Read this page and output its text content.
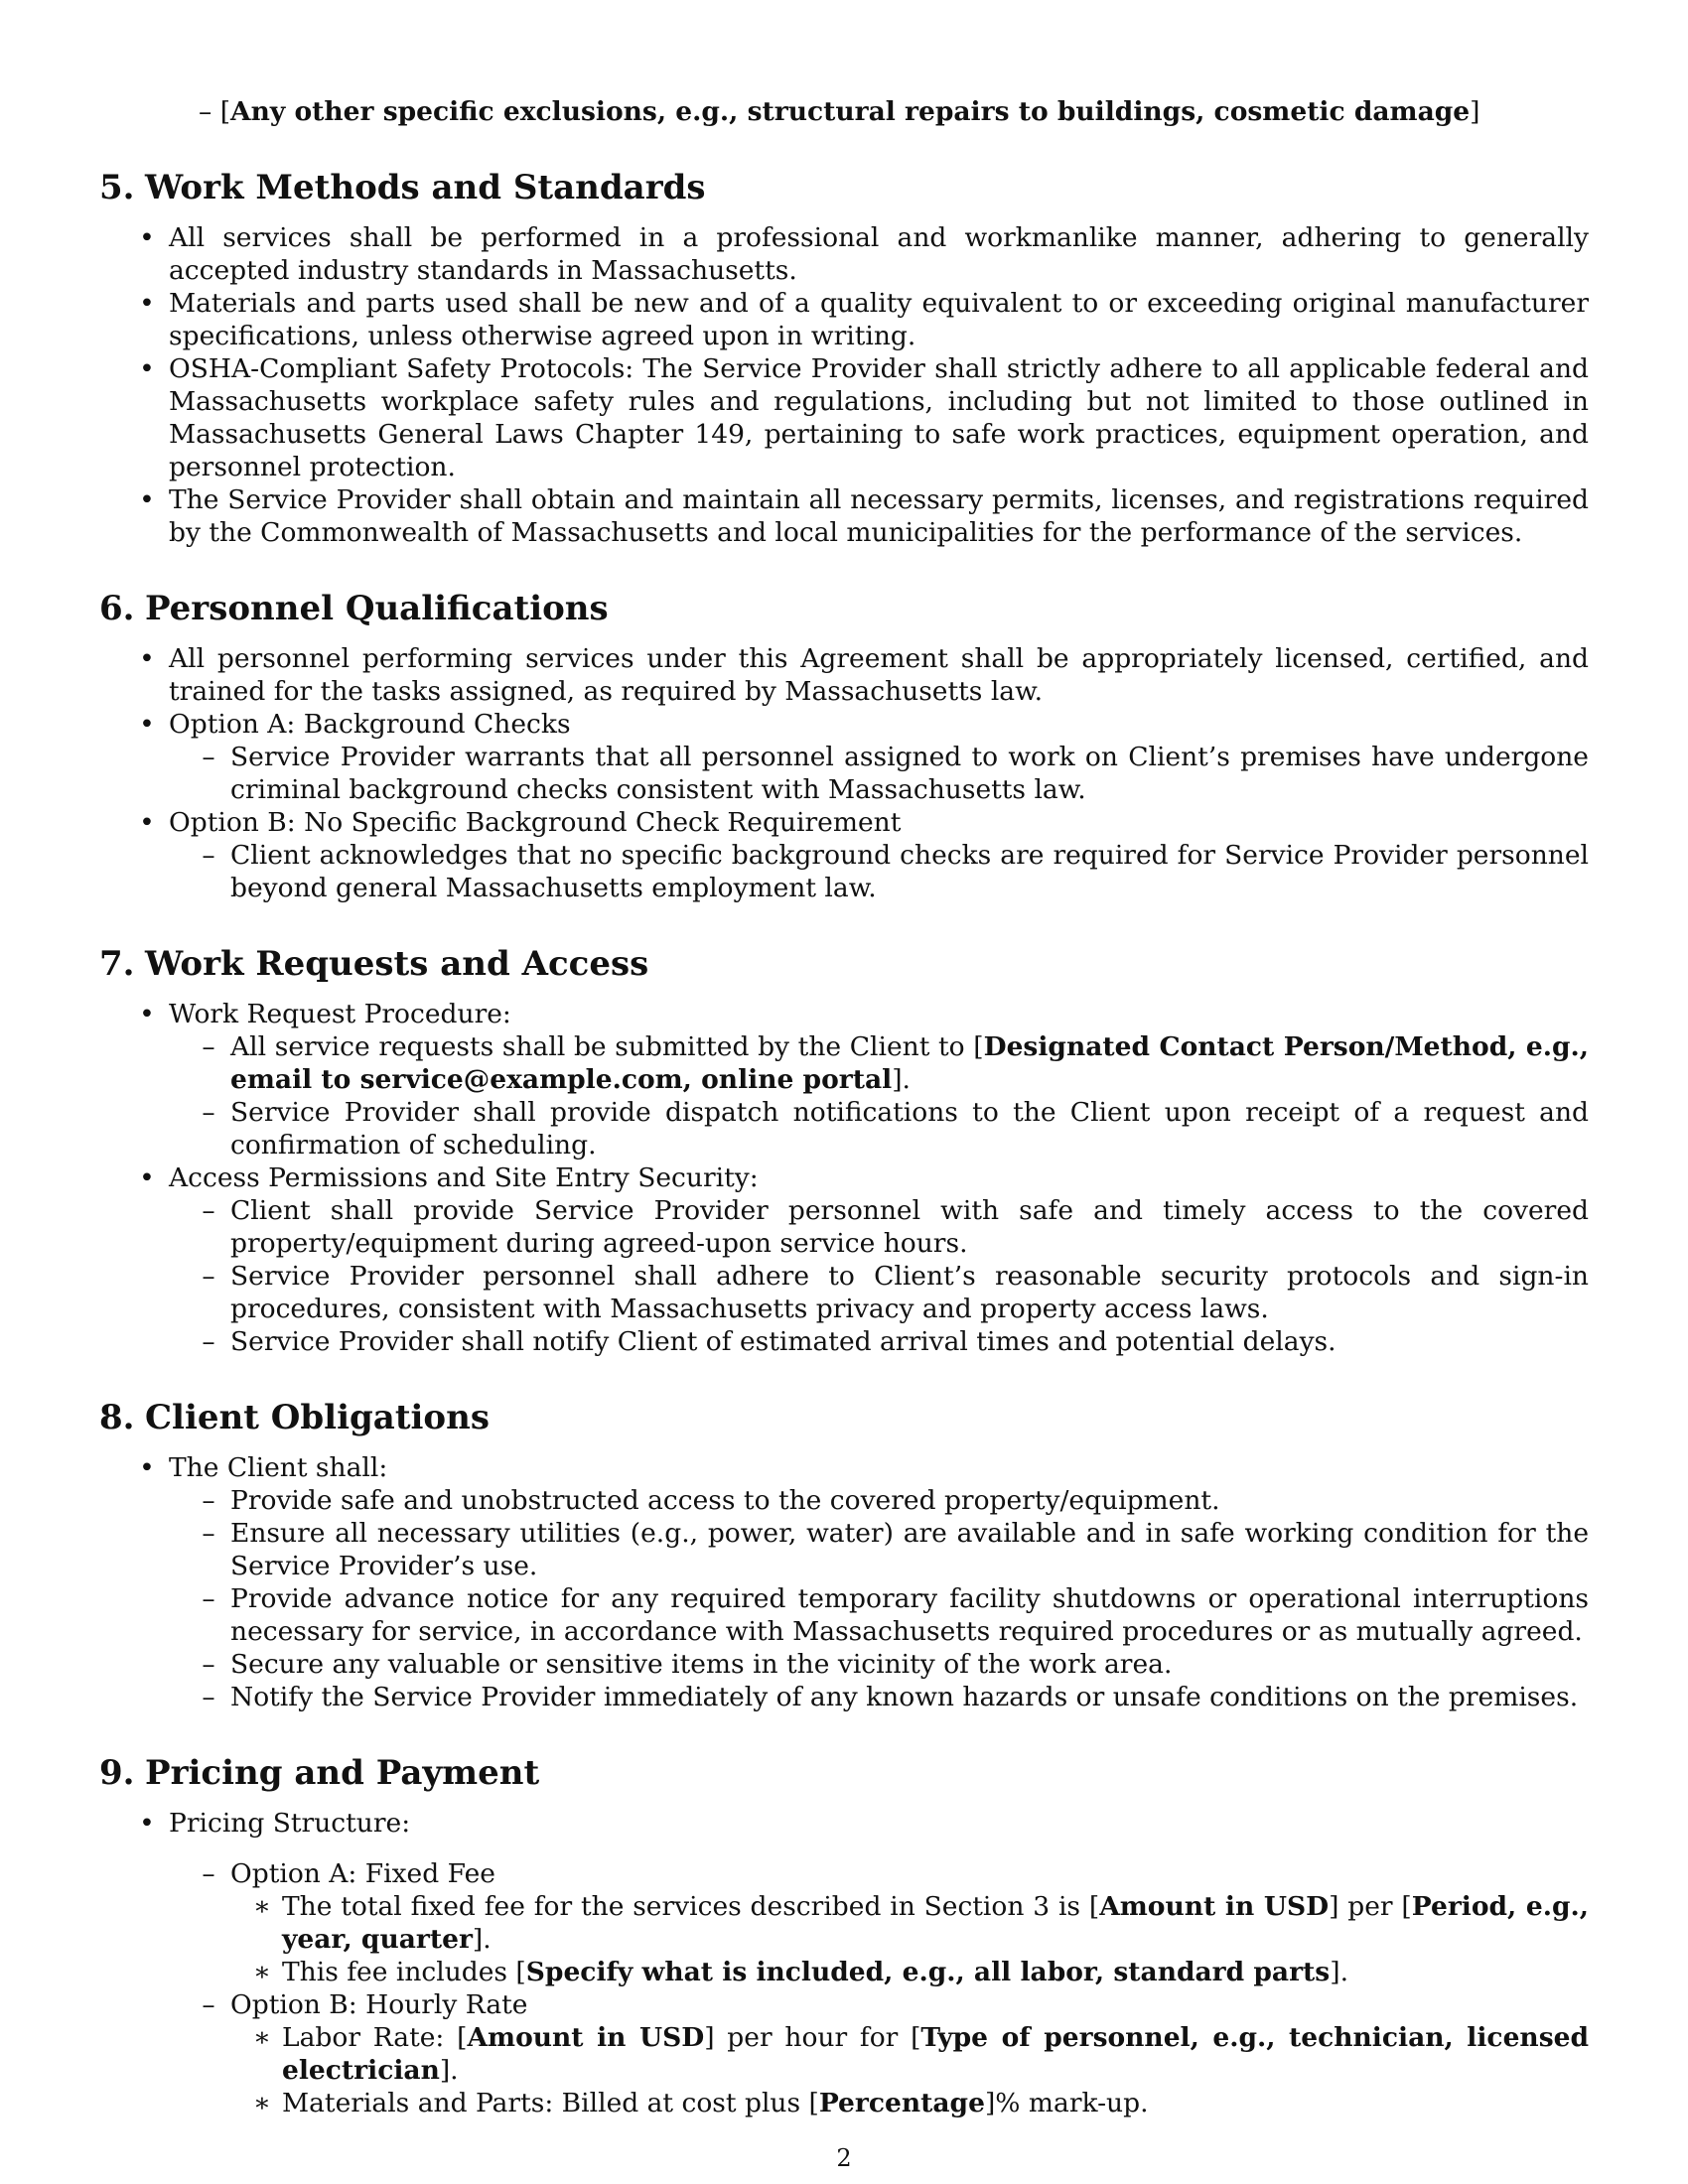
– [Any other specific exclusions, e.g., structural repairs to buildings, cosmetic damage]
5. Work Methods and Standards
• All services shall be performed in a professional and workmanlike manner, adhering to generally accepted industry standards in Massachusetts.

• Materials and parts used shall be new and of a quality equivalent to or exceeding original manufacturer specifications, unless otherwise agreed upon in writing.

• OSHA-Compliant Safety Protocols: The Service Provider shall strictly adhere to all applicable federal and Massachusetts workplace safety rules and regulations, including but not limited to those outlined in Massachusetts General Laws Chapter 149, pertaining to safe work practices, equipment operation, and personnel protection.

• The Service Provider shall obtain and maintain all necessary permits, licenses, and registrations required by the Commonwealth of Massachusetts and local municipalities for the performance of the services.

6. Personnel Qualifications
• All personnel performing services under this Agreement shall be appropriately licensed, certified, and trained for the tasks assigned, as required by Massachusetts law.

• Option A: Background Checks

– Service Provider warrants that all personnel assigned to work on Client’s premises have undergone criminal background checks consistent with Massachusetts law.

• Option B: No Specific Background Check Requirement

– Client acknowledges that no specific background checks are required for Service Provider personnel beyond general Massachusetts employment law.

7. Work Requests and Access
• Work Request Procedure:

– All service requests shall be submitted by the Client to [Designated Contact Person/Method, e.g., email to service@example.com, online portal].

– Service Provider shall provide dispatch notifications to the Client upon receipt of a request and confirmation of scheduling.

• Access Permissions and Site Entry Security:

– Client shall provide Service Provider personnel with safe and timely access to the covered property/equipment during agreed-upon service hours.

– Service Provider personnel shall adhere to Client’s reasonable security protocols and sign-in procedures, consistent with Massachusetts privacy and property access laws.

– Service Provider shall notify Client of estimated arrival times and potential delays.

8. Client Obligations
• The Client shall:

– Provide safe and unobstructed access to the covered property/equipment.

– Ensure all necessary utilities (e.g., power, water) are available and in safe working condition for the Service Provider’s use.

– Provide advance notice for any required temporary facility shutdowns or operational interruptions necessary for service, in accordance with Massachusetts required procedures or as mutually agreed.

– Secure any valuable or sensitive items in the vicinity of the work area.

– Notify the Service Provider immediately of any known hazards or unsafe conditions on the premises.

9. Pricing and Payment
• Pricing Structure:

– Option A: Fixed Fee

∗ The total fixed fee for the services described in Section 3 is [Amount in USD] per [Period, e.g., year, quarter].

∗ This fee includes [Specify what is included, e.g., all labor, standard parts].

– Option B: Hourly Rate

∗ Labor Rate: [Amount in USD] per hour for [Type of personnel, e.g., technician, licensed electrician].

∗ Materials and Parts: Billed at cost plus [Percentage]% mark-up.

2
